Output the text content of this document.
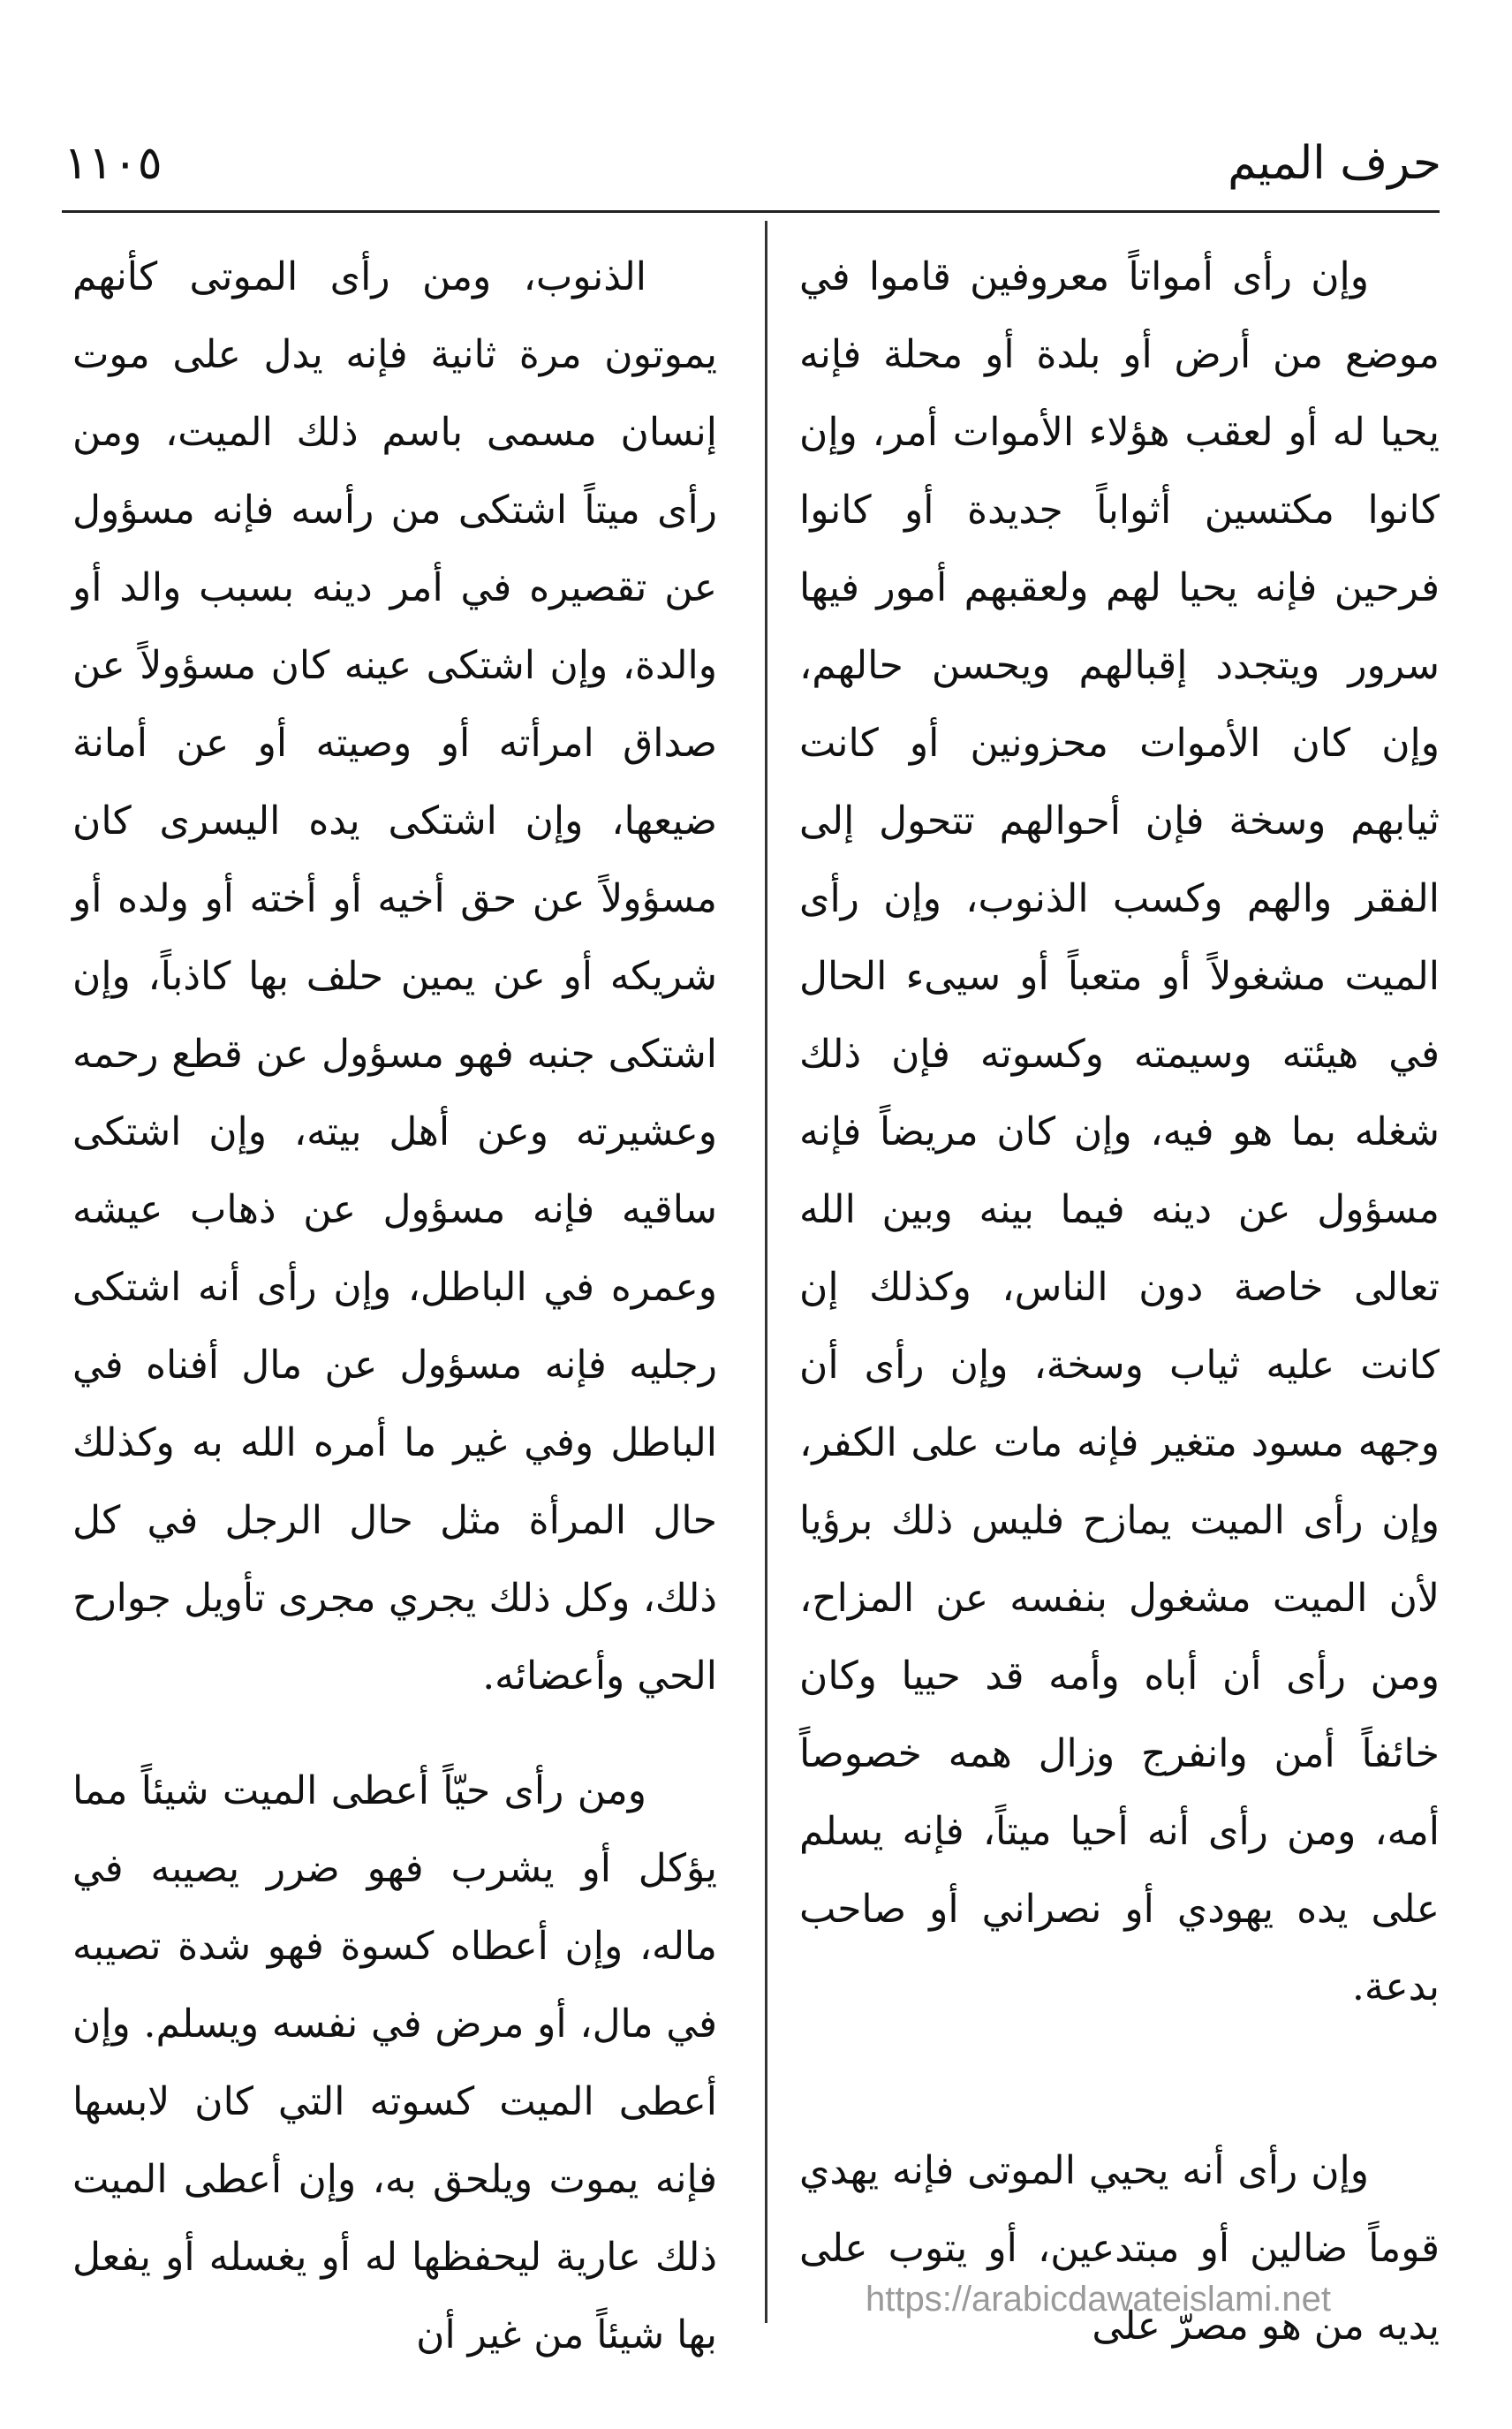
١١٠٥	حرف الميم

وإن رأى أمواتاً معروفين قاموا في موضع من أرض أو بلدة أو محلة فإنه يحيا له أو لعقب هؤلاء الأموات أمر، وإن كانوا مكتسين أثواباً جديدة أو كانوا فرحين فإنه يحيا لهم ولعقبهم أمور فيها سرور ويتجدد إقبالهم ويحسن حالهم، وإن كان الأموات محزونين أو كانت ثيابهم وسخة فإن أحوالهم تتحول إلى الفقر والهم وكسب الذنوب، وإن رأى الميت مشغولاً أو متعباً أو سيىء الحال في هيئته وسيمته وكسوته فإن ذلك شغله بما هو فيه، وإن كان مريضاً فإنه مسؤول عن دينه فيما بينه وبين الله تعالى خاصة دون الناس، وكذلك إن كانت عليه ثياب وسخة، وإن رأى أن وجهه مسود متغير فإنه مات على الكفر، وإن رأى الميت يمازح فليس ذلك برؤيا لأن الميت مشغول بنفسه عن المزاح، ومن رأى أن أباه وأمه قد حييا وكان خائفاً أمن وانفرج وزال همه خصوصاً أمه، ومن رأى أنه أحيا ميتاً، فإنه يسلم على يده يهودي أو نصراني أو صاحب بدعة.

وإن رأى أنه يحيي الموتى فإنه يهدي قوماً ضالين أو مبتدعين، أو يتوب على يديه من هو مصرّ على

الذنوب، ومن رأى الموتى كأنهم يموتون مرة ثانية فإنه يدل على موت إنسان مسمى باسم ذلك الميت، ومن رأى ميتاً اشتكى من رأسه فإنه مسؤول عن تقصيره في أمر دينه بسبب والد أو والدة، وإن اشتكى عينه كان مسؤولاً عن صداق امرأته أو وصيته أو عن أمانة ضيعها، وإن اشتكى يده اليسرى كان مسؤولاً عن حق أخيه أو أخته أو ولده أو شريكه أو عن يمين حلف بها كاذباً، وإن اشتكى جنبه فهو مسؤول عن قطع رحمه وعشيرته وعن أهل بيته، وإن اشتكى ساقيه فإنه مسؤول عن ذهاب عيشه وعمره في الباطل، وإن رأى أنه اشتكى رجليه فإنه مسؤول عن مال أفناه في الباطل وفي غير ما أمره الله به وكذلك حال المرأة مثل حال الرجل في كل ذلك، وكل ذلك يجري مجرى تأويل جوارح الحي وأعضائه.

ومن رأى حيّاً أعطى الميت شيئاً مما يؤكل أو يشرب فهو ضرر يصيبه في ماله، وإن أعطاه كسوة فهو شدة تصيبه في مال، أو مرض في نفسه ويسلم. وإن أعطى الميت كسوته التي كان لابسها فإنه يموت ويلحق به، وإن أعطى الميت ذلك عارية ليحفظها له أو يغسله أو يفعل بها شيئاً من غير أن

https://arabicdawateislami.net
